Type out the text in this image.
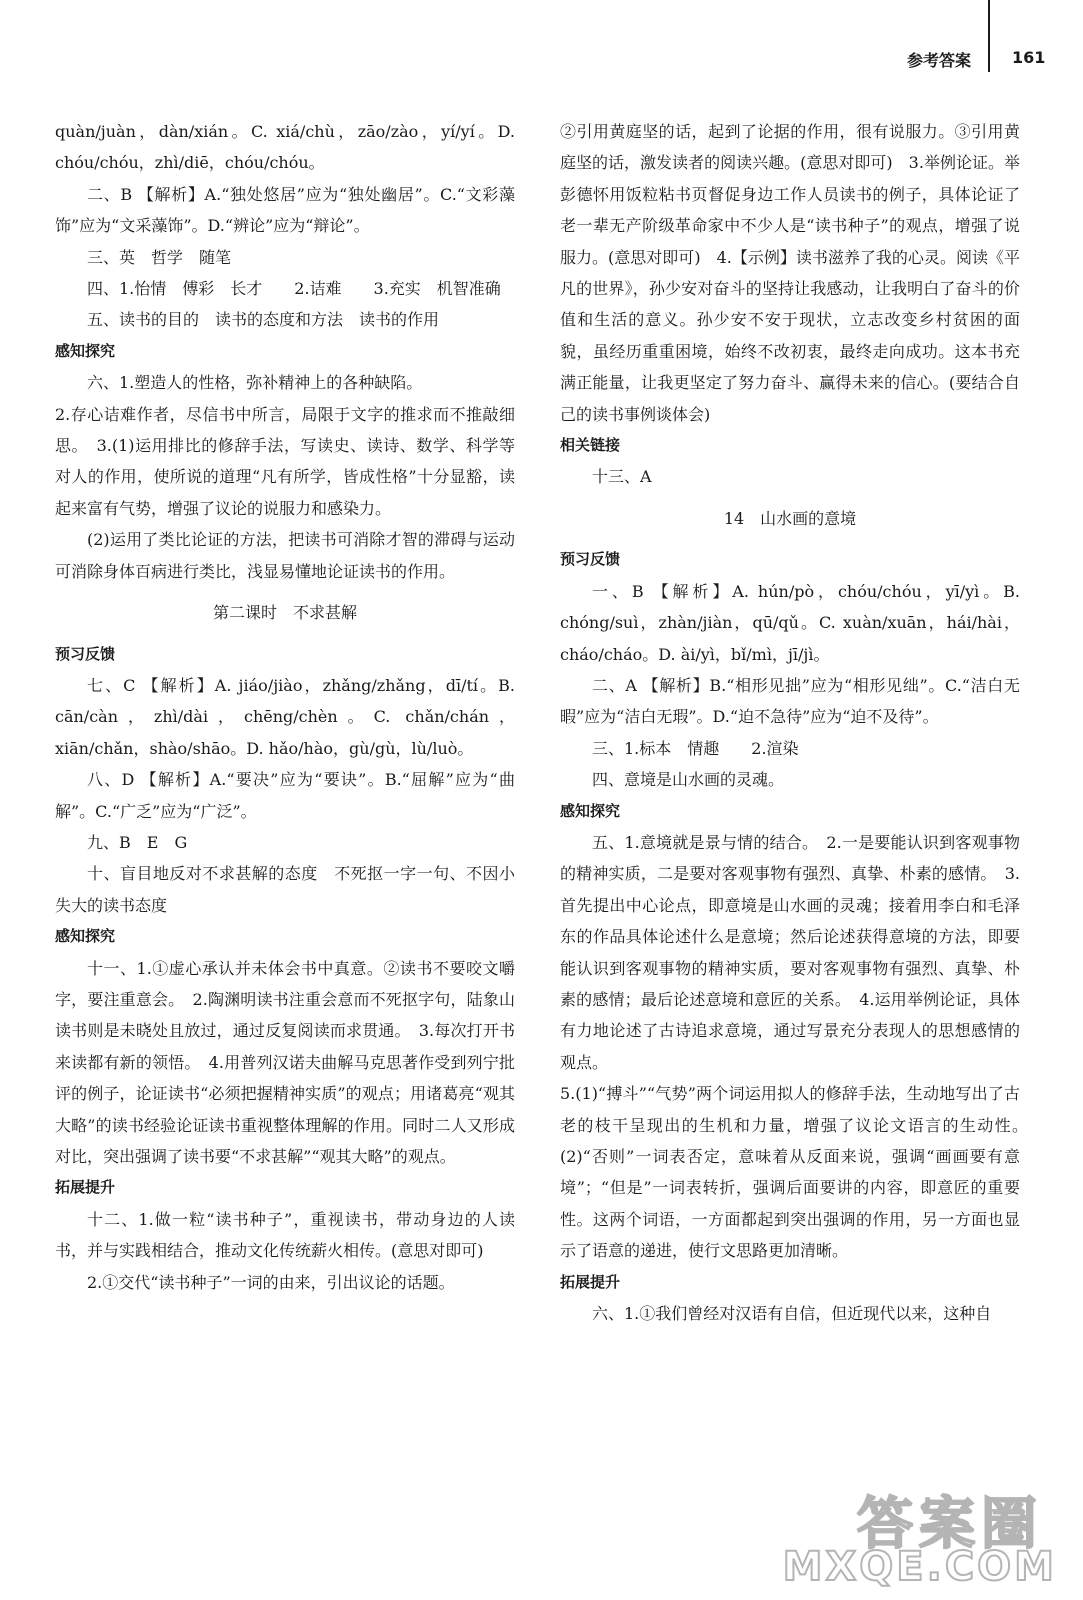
参考答案	161

quàn/juàn，dàn/xián。C. xiá/chù，zāo/zào，yí/yí。D. chóu/chóu，zhì/diē，chóu/chóu。

二、B 【解析】A.“独处悠居”应为“独处幽居”。C.“文彩藻饰”应为“文采藻饰”。D.“辨论”应为“辩论”。

三、英　哲学　随笔

四、1.怡情　傅彩　长才　　2.诘难　　3.充实　机智准确

五、读书的目的　读书的态度和方法　读书的作用

感知探究

六、1.塑造人的性格，弥补精神上的各种缺陷。

2.存心诘难作者，尽信书中所言，局限于文字的推求而不推敲细思。　3.(1)运用排比的修辞手法，写读史、读诗、数学、科学等对人的作用，使所说的道理“凡有所学，皆成性格”十分显豁，读起来富有气势，增强了议论的说服力和感染力。

(2)运用了类比论证的方法，把读书可消除才智的滞碍与运动可消除身体百病进行类比，浅显易懂地论证读书的作用。

第二课时　不求甚解

预习反馈

七、C 【解析】A. jiáo/jiào，zhǎng/zhǎng，dī/tí。B. cān/càn，zhì/dài，chēng/chèn。C. chǎn/chán，xiān/chǎn，shào/shāo。D. hǎo/hào，gù/gù，lù/luò。

八、D 【解析】A.“要决”应为“要诀”。B.“屈解”应为“曲解”。C.“广乏”应为“广泛”。

九、B　E　G

十、盲目地反对不求甚解的态度　不死抠一字一句、不因小失大的读书态度

感知探究

十一、1.①虚心承认并未体会书中真意。②读书不要咬文嚼字，要注重意会。　2.陶渊明读书注重会意而不死抠字句，陆象山读书则是未晓处且放过，通过反复阅读而求贯通。　3.每次打开书来读都有新的领悟。　4.用普列汉诺夫曲解马克思著作受到列宁批评的例子，论证读书“必须把握精神实质”的观点；用诸葛亮“观其大略”的读书经验论证读书重视整体理解的作用。同时二人又形成对比，突出强调了读书要“不求甚解”“观其大略”的观点。

拓展提升

十二、1.做一粒“读书种子”，重视读书，带动身边的人读书，并与实践相结合，推动文化传统薪火相传。(意思对即可)

2.①交代“读书种子”一词的由来，引出议论的话题。

②引用黄庭坚的话，起到了论据的作用，很有说服力。③引用黄庭坚的话，激发读者的阅读兴趣。(意思对即可)　3.举例论证。举彭德怀用饭粒粘书页督促身边工作人员读书的例子，具体论证了老一辈无产阶级革命家中不少人是“读书种子”的观点，增强了说服力。(意思对即可)　4.【示例】读书滋养了我的心灵。阅读《平凡的世界》，孙少安对奋斗的坚持让我感动，让我明白了奋斗的价值和生活的意义。孙少安不安于现状，立志改变乡村贫困的面貌，虽经历重重困境，始终不改初衷，最终走向成功。这本书充满正能量，让我更坚定了努力奋斗、赢得未来的信心。(要结合自己的读书事例谈体会)

相关链接

十三、A

14　山水画的意境

预习反馈

一、B 【解析】A. hún/pò，chóu/chóu，yī/yì。B. chóng/suì，zhàn/jiàn，qū/qǔ。C. xuàn/xuān，hái/hài，cháo/cháo。D. ài/yì，bǐ/mì，jī/jì。

二、A 【解析】B.“相形见拙”应为“相形见绌”。C.“洁白无暇”应为“洁白无瑕”。D.“迫不急待”应为“迫不及待”。

三、1.标本　情趣　　2.渲染

四、意境是山水画的灵魂。

感知探究

五、1.意境就是景与情的结合。　2.一是要能认识到客观事物的精神实质，二是要对客观事物有强烈、真挚、朴素的感情。　3.首先提出中心论点，即意境是山水画的灵魂；接着用李白和毛泽东的作品具体论述什么是意境；然后论述获得意境的方法，即要能认识到客观事物的精神实质，要对客观事物有强烈、真挚、朴素的感情；最后论述意境和意匠的关系。　4.运用举例论证，具体有力地论述了古诗追求意境，通过写景充分表现人的思想感情的观点。

5.(1)“搏斗”“气势”两个词运用拟人的修辞手法，生动地写出了古老的枝干呈现出的生机和力量，增强了议论文语言的生动性。　(2)“否则”一词表否定，意味着从反面来说，强调“画画要有意境”；“但是”一词表转折，强调后面要讲的内容，即意匠的重要性。这两个词语，一方面都起到突出强调的作用，另一方面也显示了语意的递进，使行文思路更加清晰。

拓展提升

六、1.①我们曾经对汉语有自信，但近现代以来，这种自

答案圈
MXQE.COM
